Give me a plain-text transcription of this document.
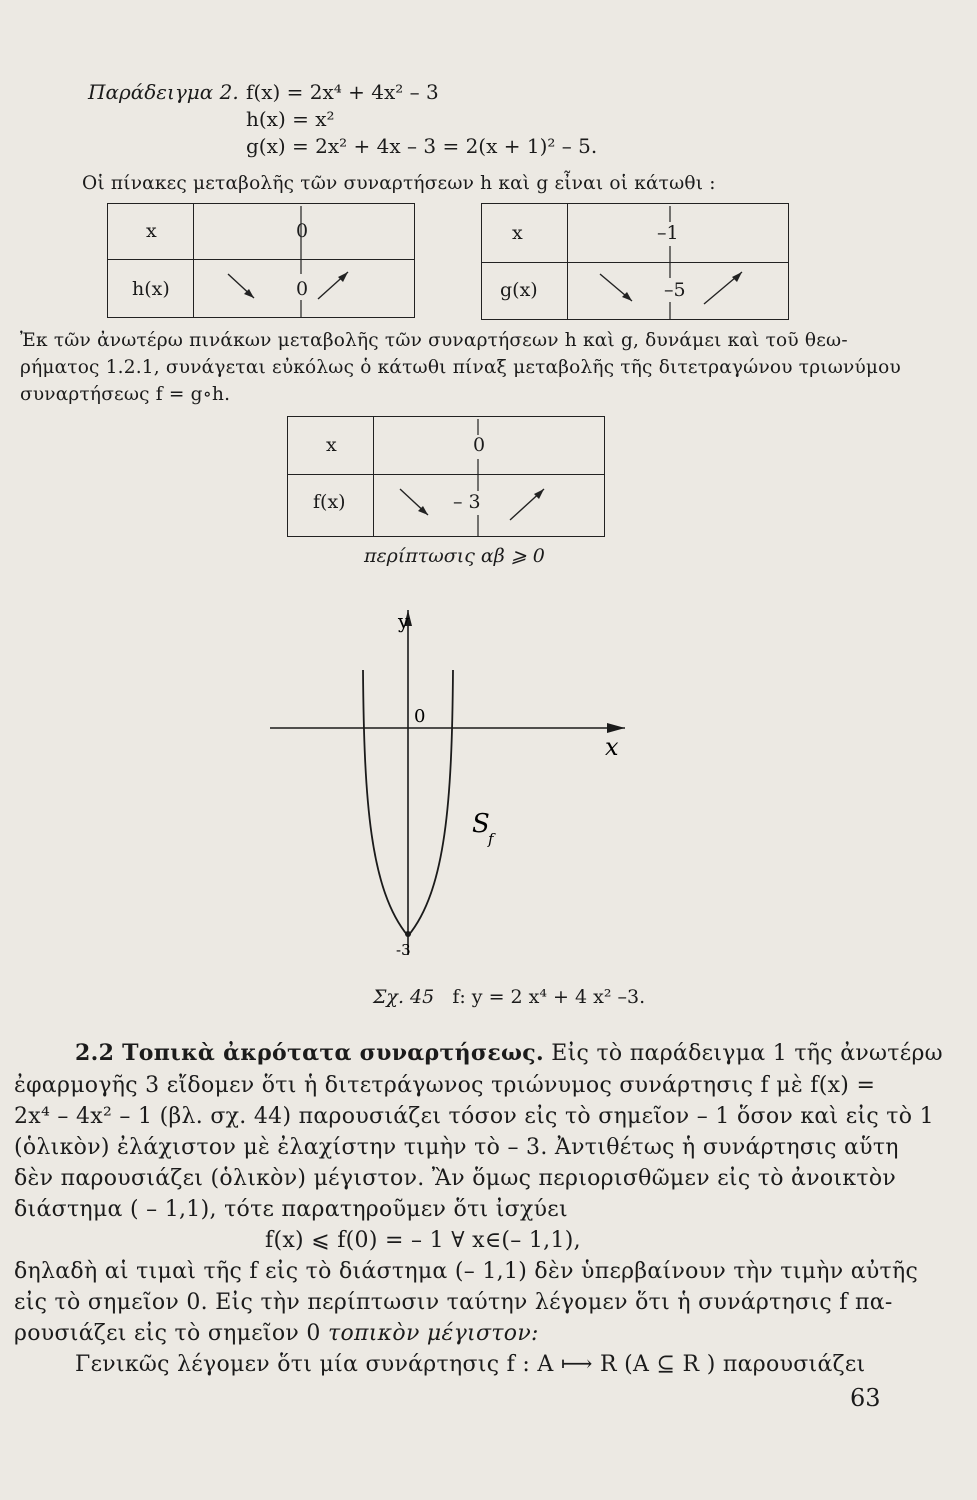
Παράδειγμα 2. f(x) = 2x⁴ + 4x² – 3
h(x) = x²
g(x) = 2x² + 4x – 3 = 2(x + 1)² – 5.
Οἱ πίνακες μεταβολῆς τῶν συναρτήσεων h καὶ g εἶναι οἱ κάτωθι :
x	0
h(x)	0
x	–1
g(x)	–5
Ἐκ τῶν ἀνωτέρω πινάκων μεταβολῆς τῶν συναρτήσεων h καὶ g, δυνάμει καὶ τοῦ θεω-
ρήματος 1.2.1, συνάγεται εὐκόλως ὁ κάτωθι πίναξ μεταβολῆς τῆς διτετραγώνου τριωνύμου
συναρτήσεως f = g∘h.
x	0
f(x)	– 3
περίπτωσις αβ ⩾ 0
y
x
0
-3
S
f
Σχ. 45 f: y = 2 x⁴ + 4 x² –3.
2.2 Τοπικὰ ἀκρότατα συναρτήσεως. Εἰς τὸ παράδειγμα 1 τῆς ἀνωτέρω
ἐφαρμογῆς 3 εἴδομεν ὅτι ἡ διτετράγωνος τριώνυμος συνάρτησις f μὲ f(x) =
2x⁴ – 4x² – 1 (βλ. σχ. 44) παρουσιάζει τόσον εἰς τὸ σημεῖον – 1 ὅσον καὶ εἰς τὸ 1
(ὁλικὸν) ἐλάχιστον μὲ ἐλαχίστην τιμὴν τὸ – 3. Ἀντιθέτως ἡ συνάρτησις αὕτη
δὲν παρουσιάζει (ὁλικὸν) μέγιστον. Ἂν ὅμως περιορισθῶμεν εἰς τὸ ἀνοικτὸν
διάστημα ( – 1,1), τότε παρατηροῦμεν ὅτι ἰσχύει
f(x) ⩽ f(0) = – 1 ∀ x∈(– 1,1),
δηλαδὴ αἱ τιμαὶ τῆς f εἰς τὸ διάστημα (– 1,1) δὲν ὑπερβαίνουν τὴν τιμὴν αὐτῆς
εἰς τὸ σημεῖον 0. Εἰς τὴν περίπτωσιν ταύτην λέγομεν ὅτι ἡ συνάρτησις f πα-
ρουσιάζει εἰς τὸ σημεῖον 0 τοπικὸν μέγιστον:
Γενικῶς λέγομεν ὅτι μία συνάρτησις f : A ⟼ R (A ⊆ R ) παρουσιάζει
63
